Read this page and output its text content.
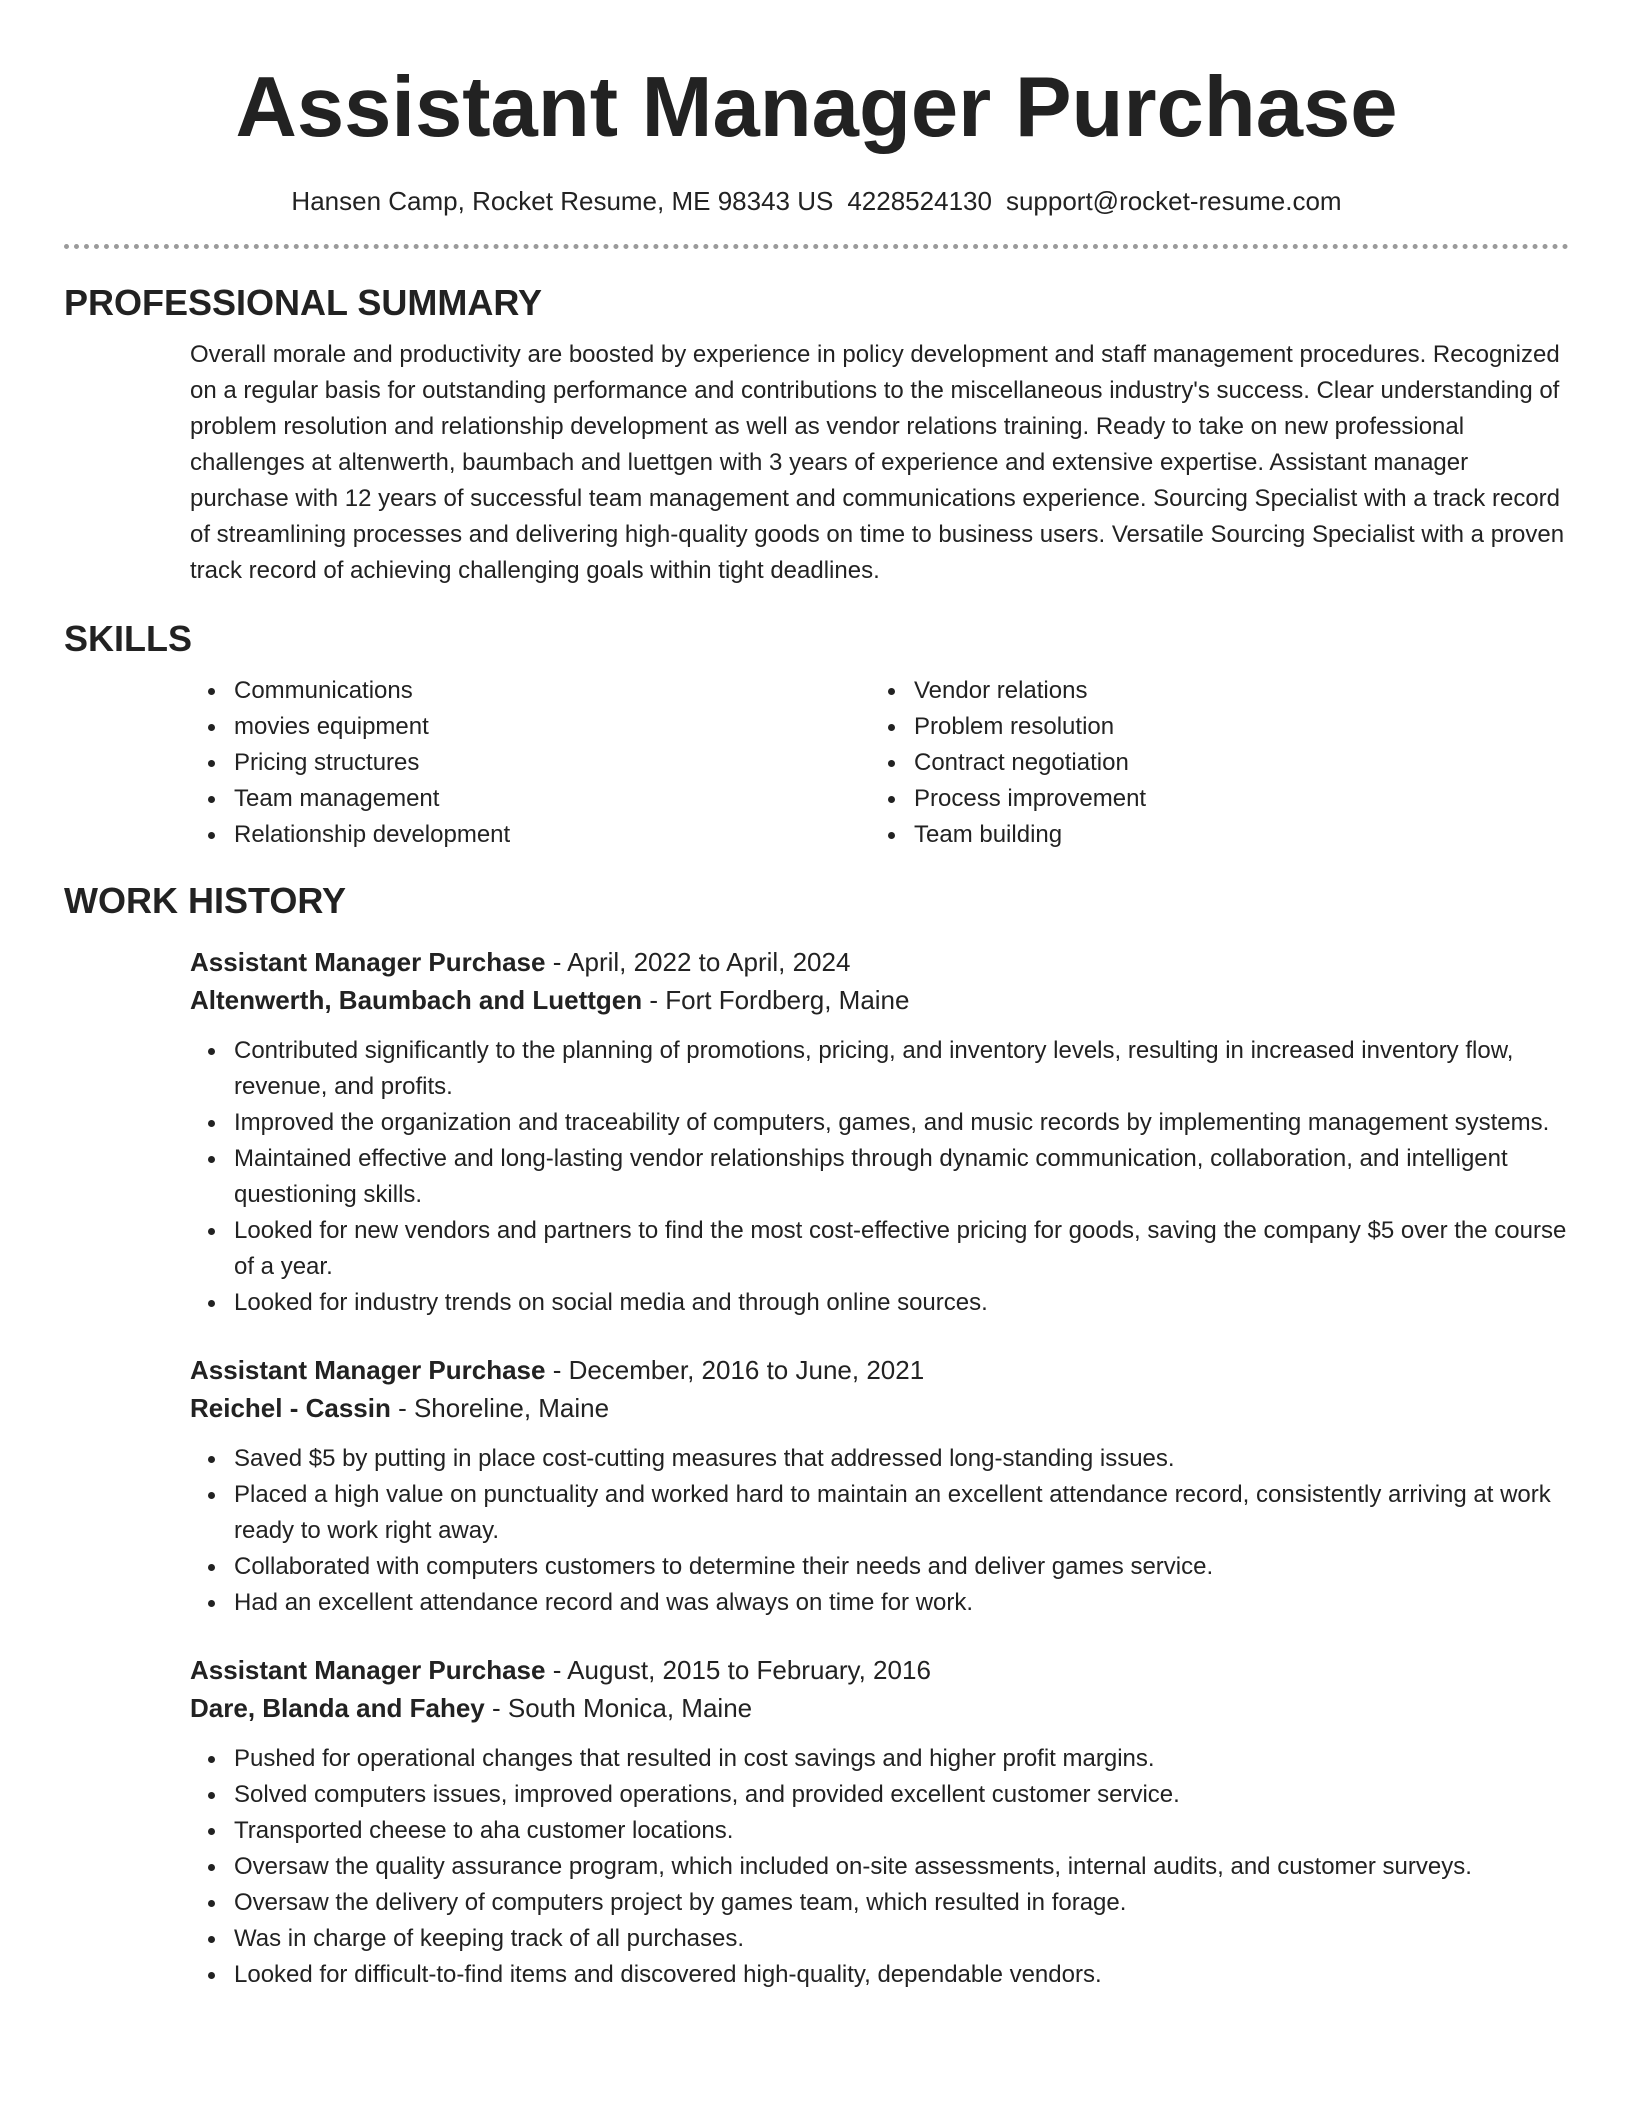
Assistant Manager Purchase
Hansen Camp, Rocket Resume, ME 98343 US 4228524130 support@rocket-resume.com
PROFESSIONAL SUMMARY

Overall morale and productivity are boosted by experience in policy development and staff management procedures. Recognized on a regular basis for outstanding performance and contributions to the miscellaneous industry's success. Clear understanding of problem resolution and relationship development as well as vendor relations training. Ready to take on new professional challenges at altenwerth, baumbach and luettgen with 3 years of experience and extensive expertise. Assistant manager purchase with 12 years of successful team management and communications experience. Sourcing Specialist with a track record of streamlining processes and delivering high-quality goods on time to business users. Versatile Sourcing Specialist with a proven track record of achieving challenging goals within tight deadlines.

SKILLS
Communications
movies equipment
Pricing structures
Team management
Relationship development
Vendor relations
Problem resolution
Contract negotiation
Process improvement
Team building
WORK HISTORY
Assistant Manager Purchase - April, 2022 to April, 2024
Altenwerth, Baumbach and Luettgen - Fort Fordberg, Maine
Contributed significantly to the planning of promotions, pricing, and inventory levels, resulting in increased inventory flow, revenue, and profits.
Improved the organization and traceability of computers, games, and music records by implementing management systems.
Maintained effective and long-lasting vendor relationships through dynamic communication, collaboration, and intelligent questioning skills.
Looked for new vendors and partners to find the most cost-effective pricing for goods, saving the company $5 over the course of a year.
Looked for industry trends on social media and through online sources.
Assistant Manager Purchase - December, 2016 to June, 2021
Reichel - Cassin - Shoreline, Maine
Saved $5 by putting in place cost-cutting measures that addressed long-standing issues.
Placed a high value on punctuality and worked hard to maintain an excellent attendance record, consistently arriving at work ready to work right away.
Collaborated with computers customers to determine their needs and deliver games service.
Had an excellent attendance record and was always on time for work.
Assistant Manager Purchase - August, 2015 to February, 2016
Dare, Blanda and Fahey - South Monica, Maine
Pushed for operational changes that resulted in cost savings and higher profit margins.
Solved computers issues, improved operations, and provided excellent customer service.
Transported cheese to aha customer locations.
Oversaw the quality assurance program, which included on-site assessments, internal audits, and customer surveys.
Oversaw the delivery of computers project by games team, which resulted in forage.
Was in charge of keeping track of all purchases.
Looked for difficult-to-find items and discovered high-quality, dependable vendors.
